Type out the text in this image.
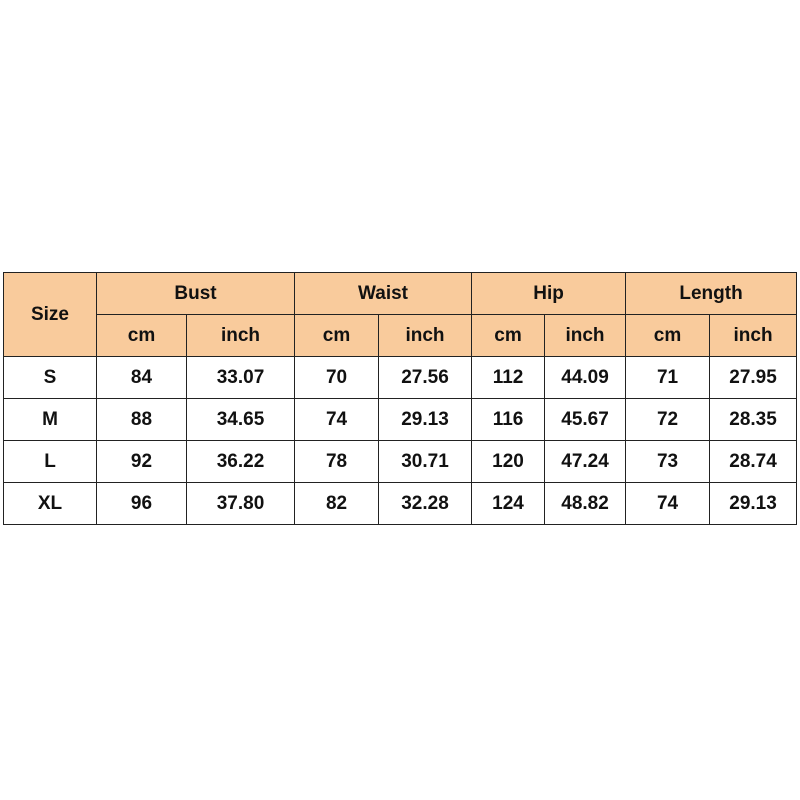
Size	Bust		Waist		Hip		Length	
	cm	inch	cm	inch	cm	inch	cm	inch
S	84	33.07	70	27.56	112	44.09	71	27.95
M	88	34.65	74	29.13	116	45.67	72	28.35
L	92	36.22	78	30.71	120	47.24	73	28.74
XL	96	37.80	82	32.28	124	48.82	74	29.13
